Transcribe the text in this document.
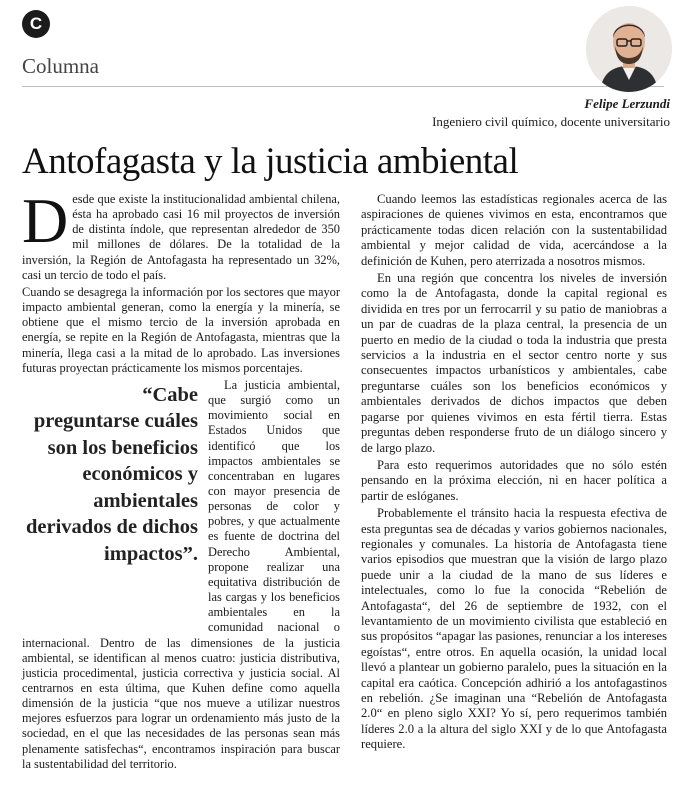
C
Columna
Felipe Lerzundi
Ingeniero civil químico, docente universitario
Antofagasta y la justicia ambiental

Desde que existe la institucionalidad ambiental chilena, ésta ha aprobado casi 16 mil proyectos de inversión de distinta índole, que representan alrededor de 350 mil millones de dólares. De la totalidad de la inversión, la Región de Antofagasta ha representado un 32%, casi un tercio de todo el país.

Cuando se desagrega la información por los sectores que mayor impacto ambiental generan, como la energía y la minería, se obtiene que el mismo tercio de la inversión aprobada en energía, se repite en la Región de Antofagasta, mientras que la minería, llega casi a la mitad de lo aprobado. Las inversiones futuras proyectan prácticamente los mismos porcentajes.

“Cabe preguntarse cuáles son los beneficios económicos y ambientales derivados de dichos impactos”.
La justicia ambiental, que surgió como un movimiento social en Estados Unidos que identificó que los impactos ambientales se concentraban en lugares con mayor presencia de personas de color y pobres, y que actualmente es fuente de doctrina del Derecho Ambiental, propone realizar una equitativa distribución de las cargas y los beneficios ambientales en la comunidad nacional o internacional. Dentro de las dimensiones de la justicia ambiental, se identifican al menos cuatro: justicia distributiva, justicia procedimental, justicia correctiva y justicia social. Al centrarnos en esta última, que Kuhen define como aquella dimensión de la justicia “que nos mueve a utilizar nuestros mejores esfuerzos para lograr un ordenamiento más justo de la sociedad, en el que las necesidades de las personas sean más plenamente satisfechas“, encontramos inspiración para buscar la sustentabilidad del territorio.

Cuando leemos las estadísticas regionales acerca de las aspiraciones de quienes vivimos en esta, encontramos que prácticamente todas dicen relación con la sustentabilidad ambiental y mejor calidad de vida, acercándose a la definición de Kuhen, pero aterrizada a nosotros mismos.

En una región que concentra los niveles de inversión como la de Antofagasta, donde la capital regional es dividida en tres por un ferrocarril y su patio de maniobras a un par de cuadras de la plaza central, la presencia de un puerto en medio de la ciudad o toda la industria que presta servicios a la industria en el sector centro norte y sus consecuentes impactos urbanísticos y ambientales, cabe preguntarse cuáles son los beneficios económicos y ambientales derivados de dichos impactos que deben pagarse por quienes vivimos en esta fértil tierra. Estas preguntas deben responderse fruto de un diálogo sincero y de largo plazo.

Para esto requerimos autoridades que no sólo estén pensando en la próxima elección, ni en hacer política a partir de eslóganes.

Probablemente el tránsito hacia la respuesta efectiva de esta preguntas sea de décadas y varios gobiernos nacionales, regionales y comunales. La historia de Antofagasta tiene varios episodios que muestran que la visión de largo plazo puede unir a la ciudad de la mano de sus líderes e intelectuales, como lo fue la conocida “Rebelión de Antofagasta“, del 26 de septiembre de 1932, con el levantamiento de un movimiento civilista que estableció en sus propósitos “apagar las pasiones, renunciar a los intereses egoístas“, entre otros. En aquella ocasión, la unidad local llevó a plantear un gobierno paralelo, pues la situación en la capital era caótica. Concepción adhirió a los antofagastinos en rebelión. ¿Se imaginan una “Rebelión de Antofagasta 2.0“ en pleno siglo XXI? Yo sí, pero requerimos también líderes 2.0 a la altura del siglo XXI y de lo que Antofagasta requiere.
